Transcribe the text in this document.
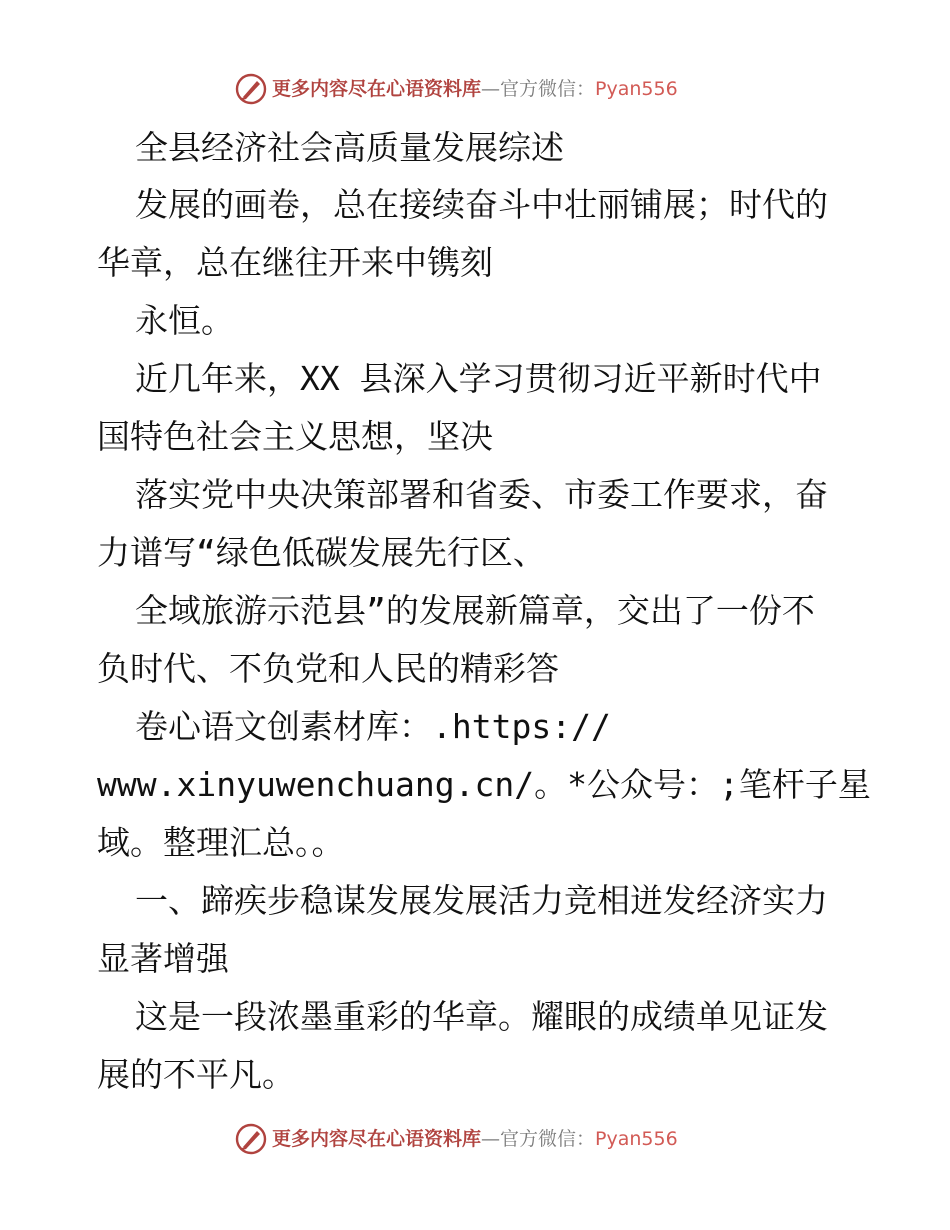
更多内容尽在心语资料库—官方微信：Pyan556
全县经济社会高质量发展综述
发展的画卷，总在接续奋斗中壮丽铺展；时代的
华章，总在继往开来中镌刻
永恒。
近几年来，XX 县深入学习贯彻习近平新时代中
国特色社会主义思想，坚决
落实党中央决策部署和省委、市委工作要求，奋
力谱写“绿色低碳发展先行区、
全域旅游示范县”的发展新篇章，交出了一份不
负时代、不负党和人民的精彩答
卷心语文创素材库：.https://
www.xinyuwenchuang.cn/。*公众号：;笔杆子星
域。整理汇总。。
一、蹄疾步稳谋发展发展活力竞相迸发经济实力
显著增强
这是一段浓墨重彩的华章。耀眼的成绩单见证发
展的不平凡。
更多内容尽在心语资料库—官方微信：Pyan556
